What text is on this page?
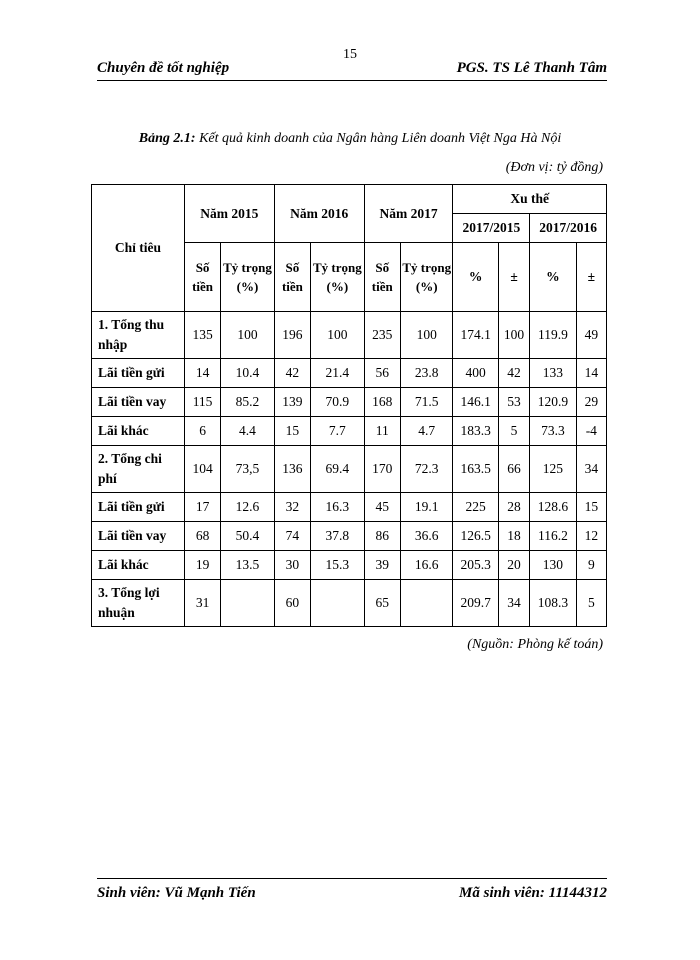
15
Chuyên đề tốt nghiệp	PGS. TS Lê Thanh Tâm
Bảng 2.1: Kết quả kinh doanh của Ngân hàng Liên doanh Việt Nga Hà Nội
(Đơn vị: tỷ đồng)
Chỉ tiêu	Năm 2015		Năm 2016		Năm 2017		Xu thế			
							2017/2015		2017/2016	
	Số tiền	Tỷ trọng (%)	Số tiền	Tỷ trọng (%)	Số tiền	Tỷ trọng (%)	%	±	%	±
1. Tổng thu nhập	135	100	196	100	235	100	174.1	100	119.9	49
Lãi tiền gửi	14	10.4	42	21.4	56	23.8	400	42	133	14
Lãi tiền vay	115	85.2	139	70.9	168	71.5	146.1	53	120.9	29
Lãi khác	6	4.4	15	7.7	11	4.7	183.3	5	73.3	-4
2. Tổng chi phí	104	73,5	136	69.4	170	72.3	163.5	66	125	34
Lãi tiền gửi	17	12.6	32	16.3	45	19.1	225	28	128.6	15
Lãi tiền vay	68	50.4	74	37.8	86	36.6	126.5	18	116.2	12
Lãi khác	19	13.5	30	15.3	39	16.6	205.3	20	130	9
3. Tổng lợi nhuận	31		60		65		209.7	34	108.3	5
(Nguồn: Phòng kế toán)
Sinh viên: Vũ Mạnh Tiến	Mã sinh viên: 11144312
